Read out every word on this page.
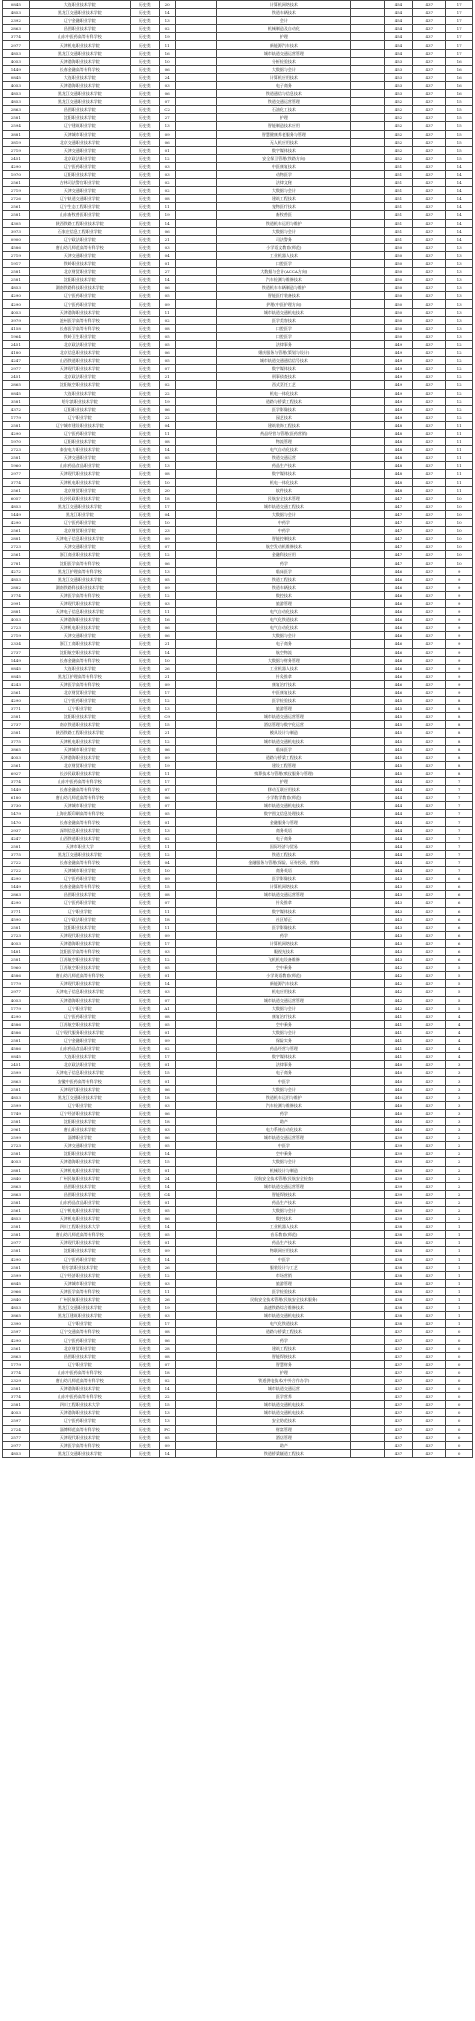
0845	大连职业技术学院	历史类	20		计算机网络技术		454	437	17
4853	黑龙江交通职业技术学院	历史类	14		铁道车辆技术		454	437	17
2392	辽宁金融职业学院	历史类	13		会计		454	437	17
2863	昌图职业技术学院	历史类	02		机械制造及自动化		454	437	17
3774	山东中医药高等专科学校	历史类	19		护理		454	437	17
2977	天津机电职业技术学院	历史类	11		新能源汽车技术		454	437	17
4853	黑龙江交通职业技术学院	历史类	16		城市轨道交通运营管理		454	437	17
4053	天津渤海职业技术学院	历史类	10		分析检验技术		453	437	16
1449	长春金融高等专科学校	历史类	06		大数据与会计		453	437	16
0845	大连职业技术学院	历史类	24		计算机应用技术		453	437	16
4053	天津渤海职业技术学院	历史类	03		电子商务		453	437	16
4853	黑龙江交通职业技术学院	历史类	06		铁道通信与信息技术		453	437	16
4853	黑龙江交通职业技术学院	历史类	07		铁道交通运营管理		452	437	15
2863	昌图职业技术学院	历史类	C2		石油化工技术		452	437	15
2581	沈阳职业技术学院	历史类	27		护理		452	437	15
2594	辽宁建筑职业学院	历史类	13		智能制造技术应用		452	437	15
3881	天津城市职业学院	历史类	09		智慧健康养老服务与管理		452	437	15
3819	北京交通职业技术学院	历史类	06		无人机应用技术		452	437	15
2719	天津交通职业学院	历史类	01		数字媒体技术		452	437	15
2451	北京政法职业学院	历史类	12		安全保卫管理(铁路方向)		452	437	15
4290	辽宁医药职业学院	历史类	03		中医康复技术		451	437	14
1970	辽阳职业技术学院	历史类	03		动物医学		451	437	14
2561	吉林司法警官职业学院	历史类	02		法律文秘		451	437	14
2719	天津交通职业学院	历史类	02		大数据与会计		451	437	14
2726	辽宁轨道交通职业学院	历史类	08		建筑工程技术		451	437	14
2561	辽宁生态工程职业学院	历史类	11		宠物医疗技术		451	437	14
2581	山东畜牧兽医职业学院	历史类	19		畜牧兽医		451	437	14
4305	陕西铁路工程职业技术学院	历史类	14		铁道机车运用与维护		451	437	14
3973	石家庄信息工程职业学院	历史类	06		大数据与会计		451	437	14
0900	辽宁政法职业学院	历史类	21		司法警务		451	437	14
4586	唐山幼儿师范高等专科学校	历史类	03		小学语文教育(师范)		450	437	13
2719	天津交通职业学院	历史类	04		工业机器人技术		450	437	13
1917	铁岭职业技术学院	历史类	01		口腔医学		450	437	13
2581	北京财贸职业学院	历史类	27		大数据与会计(ACCA方向)		450	437	13
2581	沈阳职业技术学院	历史类	14		汽车检测与维修技术		450	437	13
4853	湖南铁路科技职业技术学院	历史类	06		铁道机车车辆制造与维护		450	437	13
4290	辽宁医药职业学院	历史类	05		智能医疗装备技术		450	437	13
4290	辽宁医药职业学院	历史类	09		护理(中医护理方向)		450	437	13
4053	天津渤海职业技术学院	历史类	11		城市轨道交通机电技术		450	437	13
3979	沧州医学高等专科学校	历史类	02		医学美容技术		450	437	13
4158	长春医学高等专科学校	历史类	08		口腔医学		450	437	13
1964	铁岭卫生职业学院	历史类	05		口腔医学		450	437	13
2451	北京政法职业学院	历史类	05		法律事务		449	437	12
4180	北京信息职业技术学院	历史类	06		婚庆服务与管理(策划与设计)		449	437	12
4247	山西铁道职业技术学院	历史类	05		城市轨道交通通信信号技术		449	437	12
2977	天津现代职业技术学院	历史类	07		数字媒体技术		449	437	12
2451	北京政法职业学院	历史类	21		刑事侦查技术		449	437	12
2865	沈阳航空职业技术学院	历史类	02		西式烹饪工艺		449	437	12
0845	大连职业技术学院	历史类	22		机电一体化技术		449	437	12
3581	哈尔滨职业技术学院	历史类	19		道路与桥梁工程技术		449	437	12
4372	辽阳职业技术学院	历史类	06		医学影像技术		449	437	12
1779	辽宁职业学院	历史类	22		园艺技术		449	437	12
2581	辽宁城市建设职业技术学院	历史类	04		建筑装饰工程技术		448	437	11
4290	辽宁医药职业学院	历史类	11		药品经营与管理(医药营销)		448	437	11
1970	辽阳职业技术学院	历史类	08		物流管理		448	437	11
2723	泰安电力职业技术学院	历史类	14		电气自动化技术		448	437	11
2581	天津交通职业学院	历史类	05		铁道交通运营		448	437	11
1960	山东药品食品职业学院	历史类	13		药品生产技术		448	437	11
2977	天津现代职业技术学院	历史类	08		数字媒体技术		448	437	11
3774	天津机电职业技术学院	历史类	10		机电一体化技术		448	437	11
2561	北京财贸职业学院	历史类	20		软件技术		448	437	11
6057	长沙民政职业技术学院	历史类	18		民航安全技术管理		447	437	10
4853	黑龙江交通职业技术学院	历史类	17		城市轨道交通工程技术		447	437	10
1449	黑龙江职业学院	历史类	04		大数据与会计		447	437	10
4290	辽宁医药职业学院	历史类	10		中药学		447	437	10
2561	北京财贸职业学院	历史类	23		中药学		447	437	10
2881	天津电子信息职业技术学院	历史类	09		智能控制技术		447	437	10
2723	天津交通职业学院	历史类	07		航空发动机维修技术		447	437	10
2561	浙江商业职业技术学院	历史类	12		金融科技应用		447	437	10
2781	沈阳医学高等专科学校	历史类	06		药学		447	437	10
4272	黑龙江护理高等专科学校	历史类	13		临床医学		446	437	9
4853	黑龙江交通职业技术学院	历史类	05		铁道工程技术		446	437	9
2882	湖南铁路科技职业技术学院	历史类	09		铁道车辆技术		446	437	9
3774	天津医学高等专科学校	历史类	12		数控技术		446	437	9
2991	天津现代职业技术学院	历史类	03		旅游管理		446	437	9
2881	天津电子信息职业技术学院	历史类	11		电气自动化技术		446	437	9
4053	天津渤海职业技术学院	历史类	16		电气化铁道技术		446	437	9
2723	天津机电职业技术学院	历史类	06		电气自动化技术		446	437	9
2719	天津交通职业学院	历史类	06		大数据与会计		446	437	9
2334	浙江工商职业技术学院	历史类	21		电子商务		446	437	9
2737	沈阳航空职业技术学院	历史类	14		航空物流		446	437	9
1449	长春金融高等专科学校	历史类	10		大数据与财务管理		446	437	9
0845	大连职业技术学院	历史类	26		工业机器人技术		446	437	9
0845	黑龙江护理高等专科学校	历史类	21		针灸推拿		446	437	9
4243	天津医学高等专科学校	历史类	09		康复治疗技术		446	437	9
2561	北京财贸职业学院	历史类	17		中医康复技术		446	437	9
4290	辽宁医药职业学院	历史类	12		医学检验技术		445	437	8
3771	辽宁职业学院	历史类	13		旅游管理		445	437	8
2581	沈阳职业技术学院	历史类	C9		城市轨道交通运营管理		445	437	8
2737	南京铁道职业技术学院	历史类	15		酒店管理与数字化运营		445	437	8
2581	陕西铁路工程职业技术学院	历史类	21		模具设计与制造		445	437	8
3775	天津机电职业技术学院	历史类	12		城市轨道交通机电技术		445	437	8
3865	天津城市职业学院	历史类	06		临床医学		445	437	8
4053	天津渤海职业技术学院	历史类	09		道路与桥梁工程技术		445	437	8
2561	北京财贸职业学院	历史类	19		建设工程管理		445	437	8
6927	长沙民政职业技术学院	历史类	11		殡葬技术与管理(殡仪服务与管理)		445	437	8
3774	山东中医药高等专科学校	历史类	17		护理		444	437	7
1449	长春金融高等专科学校	历史类	07		移动互联应用技术		444	437	7
6180	唐山幼儿师范高等专科学校	历史类	06		小学数学教育(师范)		444	437	7
3730	天津城市职业学院	历史类	07		城市轨道交通机电技术		444	437	7
1479	上海出版印刷高等专科学校	历史类	05		数字图文信息处理技术		444	437	7
1470	长春金融高等专科学校	历史类	01		金融服务与管理		444	437	7
2937	深圳信息职业技术学院	历史类	13		商务英语		444	437	7
4247	山西铁道职业技术学院	历史类	02		电子商务		444	437	7
2581	天津市职业大学	历史类	11		国际经济与贸易		444	437	7
3775	黑龙江交通职业技术学院	历史类	12		铁道工程技术		444	437	7
2722	长春金融高等专科学校	历史类	04		金融服务与管理(保险、证券投资、营销)		444	437	7
2722	天津城市职业学院	历史类	10		商务英语		444	437	7
4290	辽宁医药职业学院	历史类	09		医学影像技术		443	437	6
1449	长春金融高等专科学校	历史类	15		计算机网络技术		443	437	6
2863	昌图职业技术学院	历史类	08		城市轨道交通运营管理		443	437	6
4290	辽宁医药职业学院	历史类	07		针灸推拿		443	437	6
3771	辽宁职业学院	历史类	11		数字媒体技术		443	437	6
4590	辽宁政法职业学院	历史类	18		社区矫正		443	437	6
2581	沈阳职业技术学院	历史类	11		医学影像技术		443	437	6
2723	天津现代职业技术学院	历史类	09		药学		443	437	6
4053	天津渤海职业技术学院	历史类	17		计算机网络技术		443	437	6
1481	沈阳医学高等专科学校	历史类	03		眼视光技术		443	437	6
2581	江苏航空职业技术学院	历史类	12		飞机机电设备维修		443	437	6
1960	江苏航空职业技术学院	历史类	05		空中乘务		442	437	5
4586	唐山幼儿师范高等专科学校	历史类	01		小学英语教育(师范)		442	437	5
1779	天津现代职业技术学院	历史类	14		新能源汽车技术		442	437	5
2977	天津电子信息职业技术学院	历史类	03		机电应用技术		442	437	5
4053	天津渤海职业技术学院	历史类	07		城市轨道交通运营管理		442	437	5
1779	辽宁职业学院	历史类	A1		大数据与会计		442	437	5
4290	辽宁医药职业学院	历史类	08		康复治疗技术		441	437	4
4586	江苏航空职业技术学院	历史类	05		空中乘务		441	437	4
4586	辽宁现代服务职业技术学院	历史类	01		大数据与会计		441	437	4
2581	辽宁金融职业学院	历史类	09		保险实务		441	437	4
4586	山东药品食品职业学院	历史类	02		药品经营与管理		441	437	4
0845	大连职业技术学院	历史类	17		数字媒体技术		441	437	4
2451	北京政法职业学院	历史类	01		法律事务		440	437	3
2599	天津电子信息职业技术学院	历史类	15		电子商务		440	437	3
2863	安徽中医药高等专科学校	历史类	01		中医学		440	437	3
2581	天津现代职业技术学院	历史类	06		大数据与会计		440	437	3
4853	黑龙江交通职业技术学院	历史类	18		铁道机车运用与维护		440	437	3
2599	辽宁职业学院	历史类	03		汽车检测与维修技术		440	437	3
1749	辽宁经济职业技术学院	历史类	06		药学		440	437	3
2581	沈阳职业技术学院	历史类	18		助产		440	437	3
2961	唐山职业技术学院	历史类	03		电力系统自动化技术		440	437	3
2599	淄博职业学院	历史类	06		城市轨道交通运营管理		439	437	2
2723	天津交通职业学院	历史类	05		中医学		439	437	2
2581	沈阳职业技术学院	历史类	14		空中乘务		439	437	2
4053	天津渤海职业技术学院	历史类	15		大数据与会计		439	437	2
2881	天津机电职业技术学院	历史类	01		机械设计与制造		439	437	2
2840	广州民航职业技术学院	历史类	24		民航安全技术管理(民航安全检查)		439	437	2
2863	昌图职业技术学院	历史类	14		城市轨道交通运营管理		439	437	2
2863	昌图职业技术学院	历史类	C4		智能焊接技术		439	437	2
2581	山东药品食品职业学院	历史类	01		药品生产技术		439	437	2
2561	辽宁机电职业技术学院	历史类	05		大数据与会计		439	437	2
4853	天津机电职业技术学院	历史类	06		数控技术		439	437	2
2581	四川工程职业技术大学	历史类	14		工业机器人技术		438	437	1
2581	唐山幼儿师范高等专科学校	历史类	05		音乐教育(师范)		438	437	1
2977	天津现代职业技术学院	历史类	01		药品生产技术		438	437	1
2581	沈阳职业技术学院	历史类	09		物联网应用技术		438	437	1
4290	辽宁医药职业学院	历史类	14		中医学		438	437	1
2581	哈尔滨职业技术学院	历史类	26		服装设计与工艺		438	437	1
2599	辽宁经济职业技术学院	历史类	12		市场营销		438	437	1
6845	天津城市职业学院	历史类	03		旅游管理		438	437	1
2966	天津医学高等专科学校	历史类	11		医学检验技术		438	437	1
2840	广州民航职业技术学院	历史类	26		民航安全技术管理(民航安全技术服务)		438	437	1
4853	黑龙江交通职业技术学院	历史类	19		高速铁路综合维修技术		438	437	1
3865	黑龙江建筑职业技术学院	历史类	03		城市轨道交通机电技术		438	437	1
2390	辽宁职业学院	历史类	17		电气化铁道技术		438	437	1
2597	辽宁交通高等专科学校	历史类	08		道路与桥梁工程技术		437	437	0
4290	辽宁医药职业学院	历史类	06		药学		437	437	0
2561	北京财贸职业学院	历史类	28		建筑工程技术		437	437	0
2863	昌图职业技术学院	历史类	08		智能焊接技术		437	437	0
1779	辽宁职业学院	历史类	07		智慧财务		437	437	0
3774	山东中医药高等专科学校	历史类	18		护理		437	437	0
2329	唐山幼儿师范高等专科学校	历史类	02		铁道供电技术(中外合作办学)		437	437	0
2581	天津渤海职业技术学院	历史类	14		城市轨道交通运营		437	437	0
3774	山东中医药高等专科学校	历史类	22		医学营养		437	437	0
2581	四川工程职业技术大学	历史类	15		城市轨道交通机电技术		437	437	0
4053	天津渤海职业技术学院	历史类	13		城市轨道交通机电技术		437	437	0
2597	辽宁医药职业学院	历史类	13		安全防范技术		437	437	0
2724	淄博师范高等专科学校	历史类	PC		财富管理		437	437	0
2577	天津现代职业技术学院	历史类	05		酒店管理		437	437	0
2977	天津医学高等专科学校	历史类	09		助产		437	437	0
4853	黑龙江交通职业技术学院	历史类	14		铁道桥梁隧道工程技术		437	437	0
